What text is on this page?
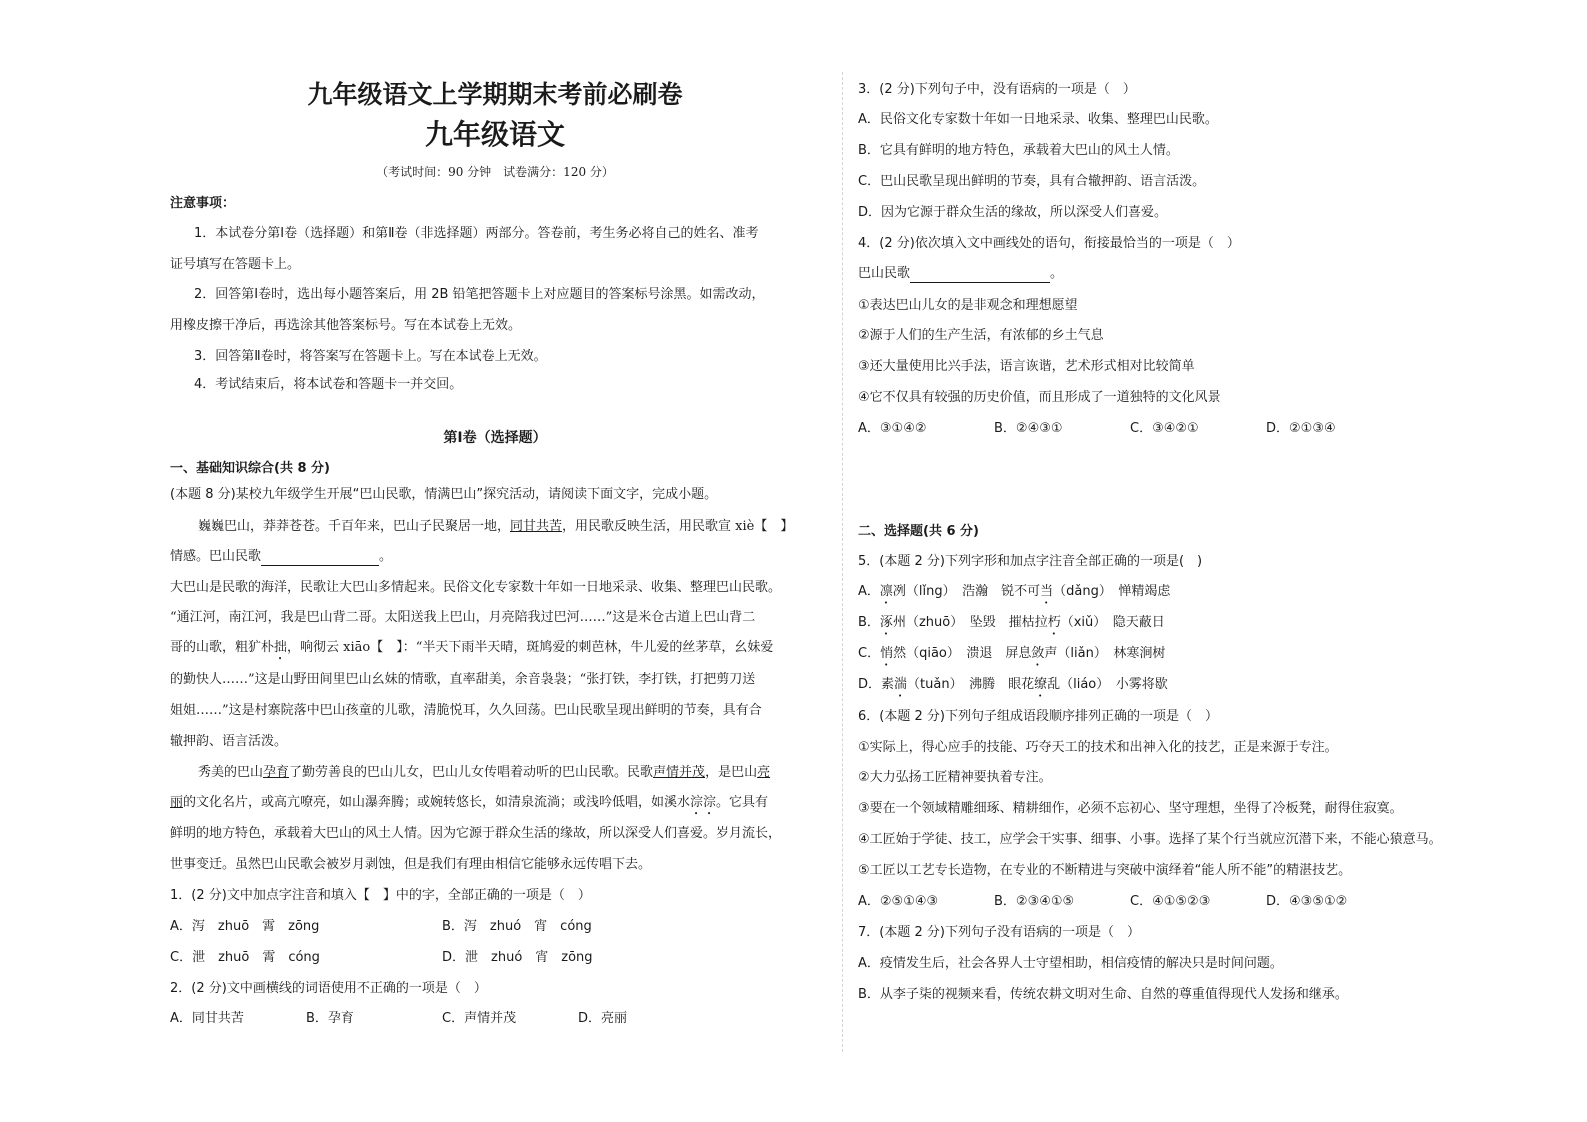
九年级语文上学期期末考前必刷卷
九年级语文
（考试时间：90 分钟　试卷满分：120 分）
注意事项：
1．本试卷分第Ⅰ卷（选择题）和第Ⅱ卷（非选择题）两部分。答卷前，考生务必将自己的姓名、准考
证号填写在答题卡上。
2．回答第Ⅰ卷时，选出每小题答案后，用 2B 铅笔把答题卡上对应题目的答案标号涂黑。如需改动，
用橡皮擦干净后，再选涂其他答案标号。写在本试卷上无效。
3．回答第Ⅱ卷时，将答案写在答题卡上。写在本试卷上无效。
4．考试结束后，将本试卷和答题卡一并交回。
第Ⅰ卷（选择题）
一、基础知识综合(共 8 分)
(本题 8 分)某校九年级学生开展“巴山民歌，情满巴山”探究活动，请阅读下面文字，完成小题。
巍巍巴山，莽莽苍苍。千百年来，巴山子民聚居一地，同甘共苦，用民歌反映生活，用民歌宣 xiè【　】
情感。巴山民歌	。
大巴山是民歌的海洋，民歌让大巴山多情起来。民俗文化专家数十年如一日地采录、收集、整理巴山民歌。
“通江河，南江河，我是巴山背二哥。太阳送我上巴山，月亮陪我过巴河……”这是米仓古道上巴山背二
哥的山歌，粗犷朴拙，响彻云 xiāo【　】：“半天下雨半天晴，斑鸠爱的刺芭林，牛儿爱的丝茅草，幺妹爱
的勤快人……”这是山野田间里巴山幺妹的情歌，直率甜美，余音袅袅；“张打铁，李打铁，打把剪刀送
姐姐……”这是村寨院落中巴山孩童的儿歌，清脆悦耳，久久回荡。巴山民歌呈现出鲜明的节奏，具有合
辙押韵、语言活泼。
秀美的巴山孕育了勤劳善良的巴山儿女，巴山儿女传唱着动听的巴山民歌。民歌声情并茂，是巴山亮
丽的文化名片，或高亢嘹亮，如山瀑奔腾；或婉转悠长，如清泉流淌；或浅吟低唱，如溪水淙淙。它具有
鲜明的地方特色，承载着大巴山的风土人情。因为它源于群众生活的缘故，所以深受人们喜爱。岁月流长，
世事变迁。虽然巴山民歌会被岁月剥蚀，但是我们有理由相信它能够永远传唱下去。
1．(2 分)文中加点字注音和填入【　】中的字，全部正确的一项是（　）
A．泻　zhuō　霄　zōng	B．泻　zhuó　宵　cóng
C．泄　zhuō　霄　cóng	D．泄　zhuó　宵　zōng
2．(2 分)文中画横线的词语使用不正确的一项是（　）
A．同甘共苦	B．孕育	C．声情并茂	D．亮丽
3．(2 分)下列句子中，没有语病的一项是（　）
A．民俗文化专家数十年如一日地采录、收集、整理巴山民歌。
B．它具有鲜明的地方特色，承载着大巴山的风土人情。
C．巴山民歌呈现出鲜明的节奏，具有合辙押韵、语言活泼。
D．因为它源于群众生活的缘故，所以深受人们喜爱。
4．(2 分)依次填入文中画线处的语句，衔接最恰当的一项是（　）
巴山民歌	。
①表达巴山儿女的是非观念和理想愿望
②源于人们的生产生活，有浓郁的乡土气息
③还大量使用比兴手法，语言诙谐，艺术形式相对比较简单
④它不仅具有较强的历史价值，而且形成了一道独特的文化风景
A．③①④②	B．②④③①	C．③④②①	D．②①③④
二、选择题(共 6 分)
5．(本题 2 分)下列字形和加点字注音全部正确的一项是(　)
A．凛冽（lǐng）　浩瀚　锐不可当（dǎng）　惮精竭虑
B．涿州（zhuō）　坠毁　摧枯拉朽（xiǔ）　隐天蔽日
C．悄然（qiāo）　溃退　屏息敛声（liǎn）　林寒涧树
D．素湍（tuǎn）　沸腾　眼花缭乱（liáo）　小雾将歇
6．(本题 2 分)下列句子组成语段顺序排列正确的一项是（　）
①实际上，得心应手的技能、巧夺天工的技术和出神入化的技艺，正是来源于专注。
②大力弘扬工匠精神要执着专注。
③要在一个领域精雕细琢、精耕细作，必须不忘初心、坚守理想，坐得了冷板凳，耐得住寂寞。
④工匠始于学徒、技工，应学会干实事、细事、小事。选择了某个行当就应沉潜下来，不能心猿意马。
⑤工匠以工艺专长造物，在专业的不断精进与突破中演绎着“能人所不能”的精湛技艺。
A．②⑤①④③	B．②③④①⑤	C．④①⑤②③	D．④③⑤①②
7．(本题 2 分)下列句子没有语病的一项是（　）
A．疫情发生后，社会各界人士守望相助，相信疫情的解决只是时间问题。
B．从李子柒的视频来看，传统农耕文明对生命、自然的尊重值得现代人发扬和继承。
